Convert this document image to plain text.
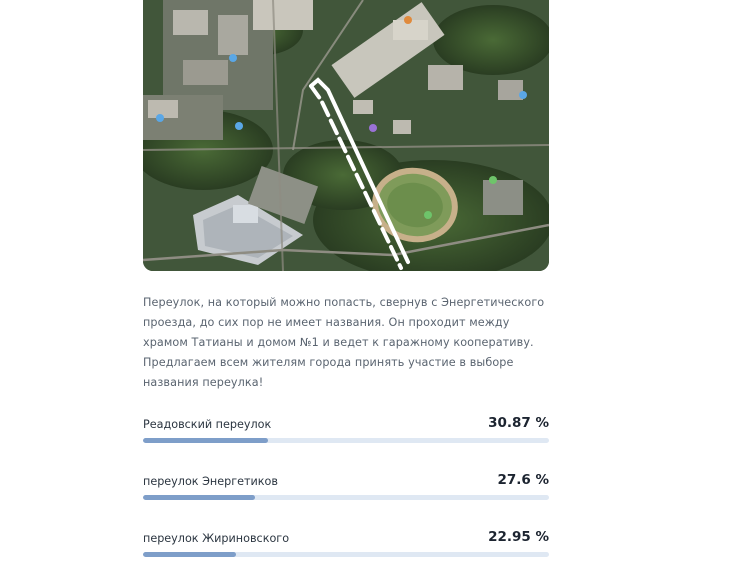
Переулок, на который можно попасть, свернув с Энергетического проезда, до сих пор не имеет названия. Он проходит между храмом Татианы и домом №1 и ведет к гаражному кооперативу. Предлагаем всем жителям города принять участие в выборе названия переулка!
Реадовский переулок	30.87 %
переулок Энергетиков	27.6 %
переулок Жириновского	22.95 %
